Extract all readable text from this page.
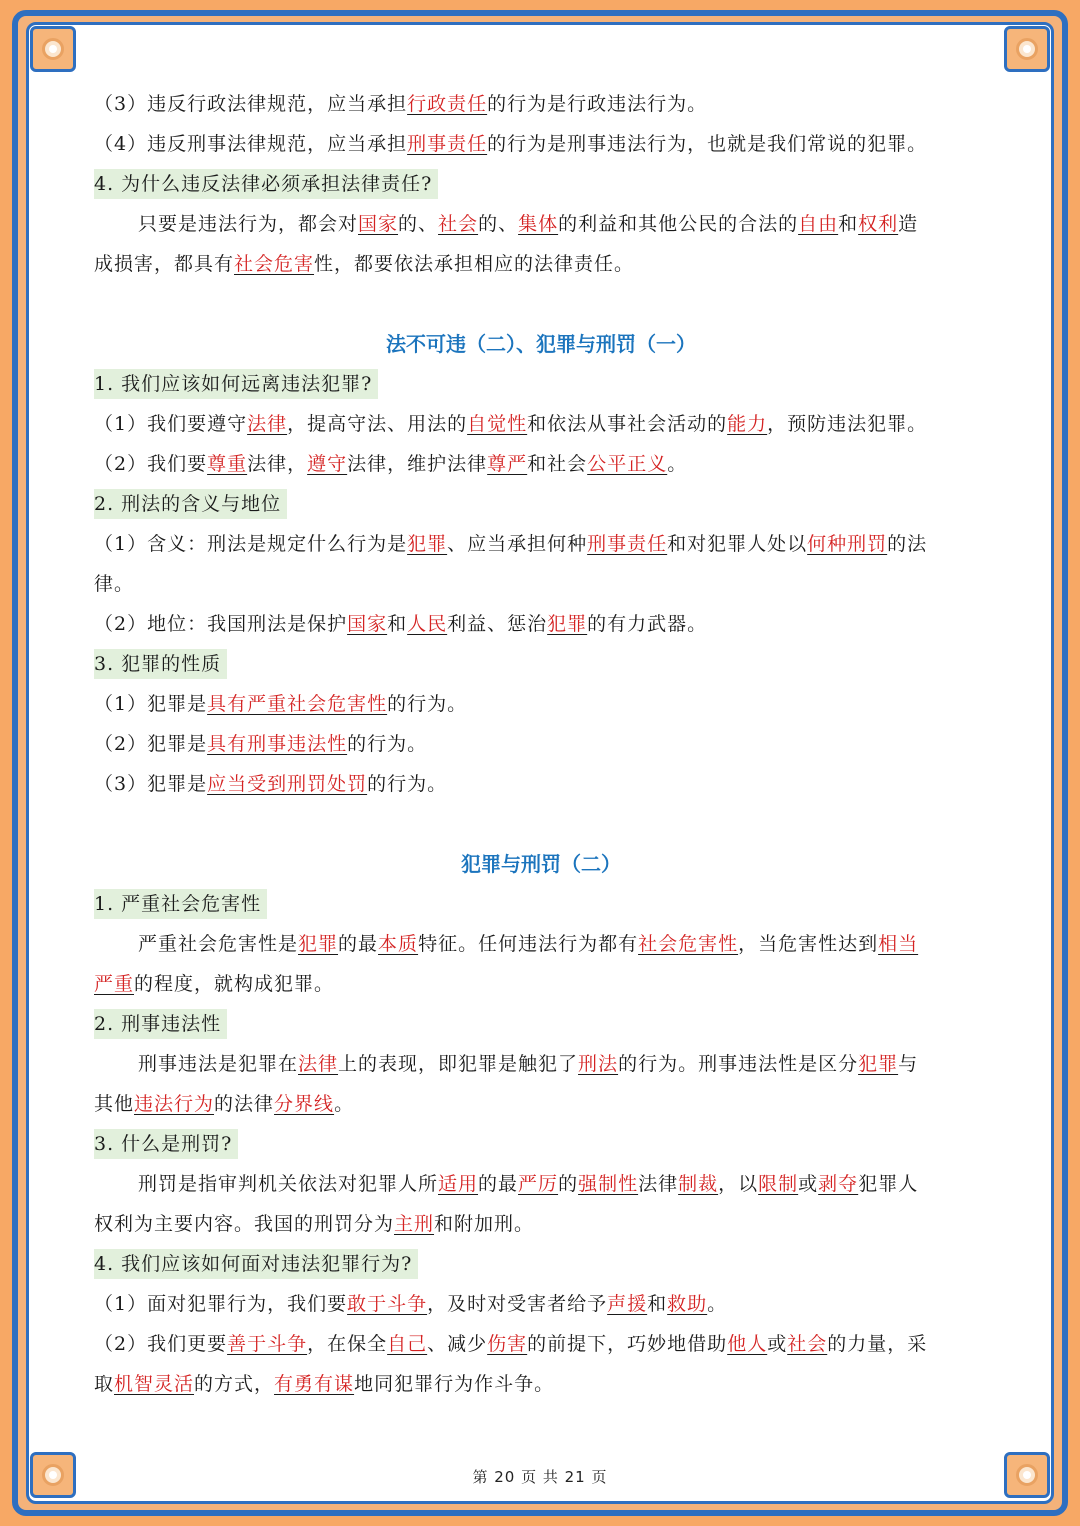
（3）违反行政法律规范，应当承担行政责任的行为是行政违法行为。
（4）违反刑事法律规范，应当承担刑事责任的行为是刑事违法行为，也就是我们常说的犯罪。
4. 为什么违反法律必须承担法律责任?
只要是违法行为，都会对国家的、社会的、集体的利益和其他公民的合法的自由和权利造
成损害，都具有社会危害性，都要依法承担相应的法律责任。
法不可违（二）、犯罪与刑罚（一）
1. 我们应该如何远离违法犯罪?
（1）我们要遵守法律，提高守法、用法的自觉性和依法从事社会活动的能力，预防违法犯罪。
（2）我们要尊重法律，遵守法律，维护法律尊严和社会公平正义。
2. 刑法的含义与地位
（1）含义：刑法是规定什么行为是犯罪、应当承担何种刑事责任和对犯罪人处以何种刑罚的法
律。
（2）地位：我国刑法是保护国家和人民利益、惩治犯罪的有力武器。
3. 犯罪的性质
（1）犯罪是具有严重社会危害性的行为。
（2）犯罪是具有刑事违法性的行为。
（3）犯罪是应当受到刑罚处罚的行为。
犯罪与刑罚（二）
1. 严重社会危害性
严重社会危害性是犯罪的最本质特征。任何违法行为都有社会危害性，当危害性达到相当
严重的程度，就构成犯罪。
2. 刑事违法性
刑事违法是犯罪在法律上的表现，即犯罪是触犯了刑法的行为。刑事违法性是区分犯罪与
其他违法行为的法律分界线。
3. 什么是刑罚?
刑罚是指审判机关依法对犯罪人所适用的最严厉的强制性法律制裁，以限制或剥夺犯罪人
权利为主要内容。我国的刑罚分为主刑和附加刑。
4. 我们应该如何面对违法犯罪行为?
（1）面对犯罪行为，我们要敢于斗争，及时对受害者给予声援和救助。
（2）我们更要善于斗争，在保全自己、减少伤害的前提下，巧妙地借助他人或社会的力量，采
取机智灵活的方式，有勇有谋地同犯罪行为作斗争。
第 20 页 共 21 页
